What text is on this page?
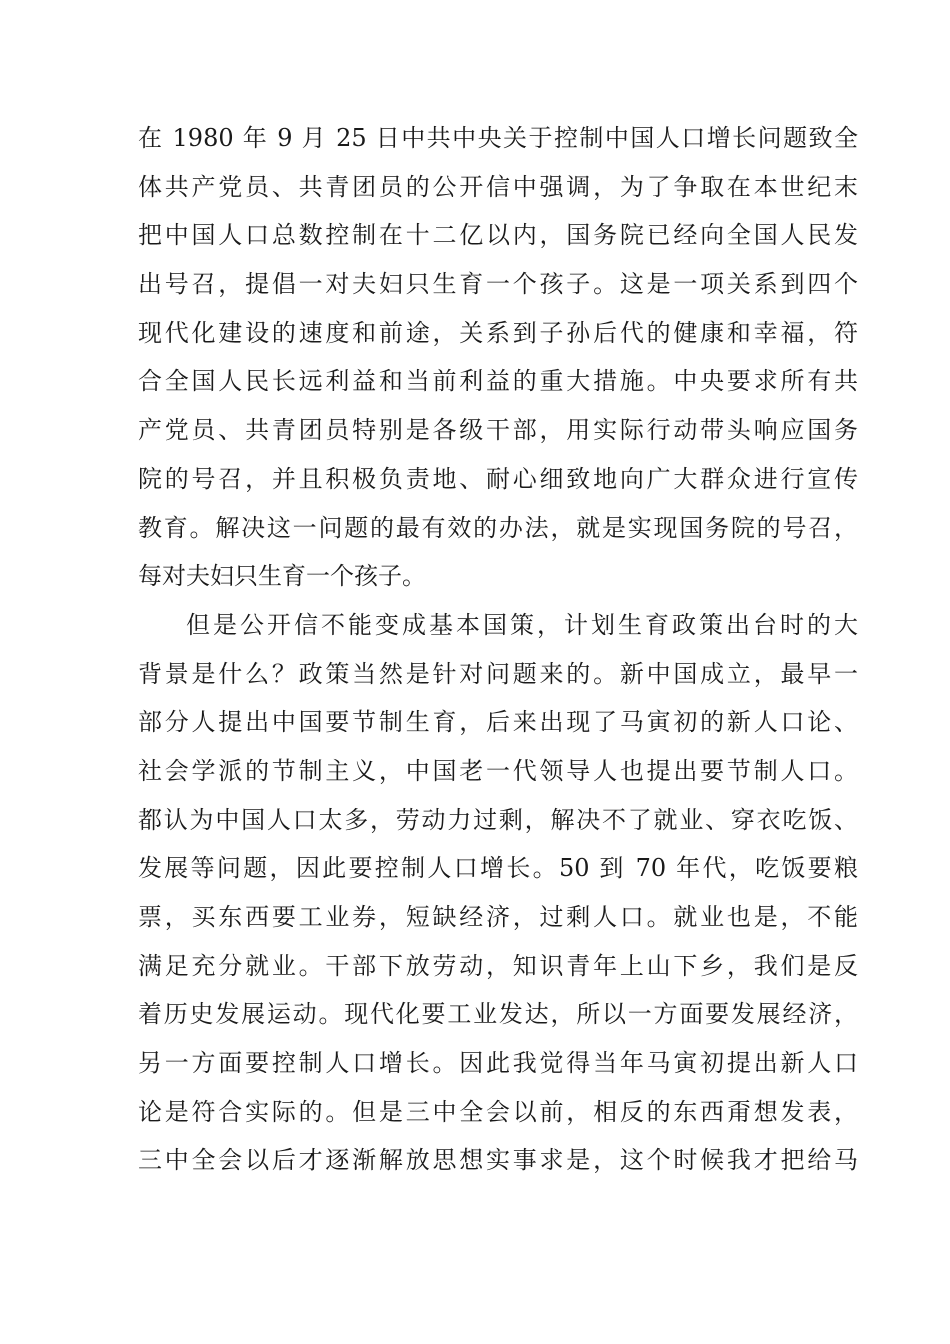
在 1980 年 9 月 25 日中共中央关于控制中国人口增长问题致全
体共产党员、共青团员的公开信中强调，为了争取在本世纪末
把中国人口总数控制在十二亿以内，国务院已经向全国人民发
出号召，提倡一对夫妇只生育一个孩子。这是一项关系到四个
现代化建设的速度和前途，关系到子孙后代的健康和幸福，符
合全国人民长远利益和当前利益的重大措施。中央要求所有共
产党员、共青团员特别是各级干部，用实际行动带头响应国务
院的号召，并且积极负责地、耐心细致地向广大群众进行宣传
教育。解决这一问题的最有效的办法，就是实现国务院的号召，
每对夫妇只生育一个孩子。
但是公开信不能变成基本国策，计划生育政策出台时的大
背景是什么？政策当然是针对问题来的。新中国成立，最早一
部分人提出中国要节制生育，后来出现了马寅初的新人口论、
社会学派的节制主义，中国老一代领导人也提出要节制人口。
都认为中国人口太多，劳动力过剩，解决不了就业、穿衣吃饭、
发展等问题，因此要控制人口增长。50 到 70 年代，吃饭要粮
票，买东西要工业券，短缺经济，过剩人口。就业也是，不能
满足充分就业。干部下放劳动，知识青年上山下乡，我们是反
着历史发展运动。现代化要工业发达，所以一方面要发展经济，
另一方面要控制人口增长。因此我觉得当年马寅初提出新人口
论是符合实际的。但是三中全会以前，相反的东西甭想发表，
三中全会以后才逐渐解放思想实事求是，这个时候我才把给马
